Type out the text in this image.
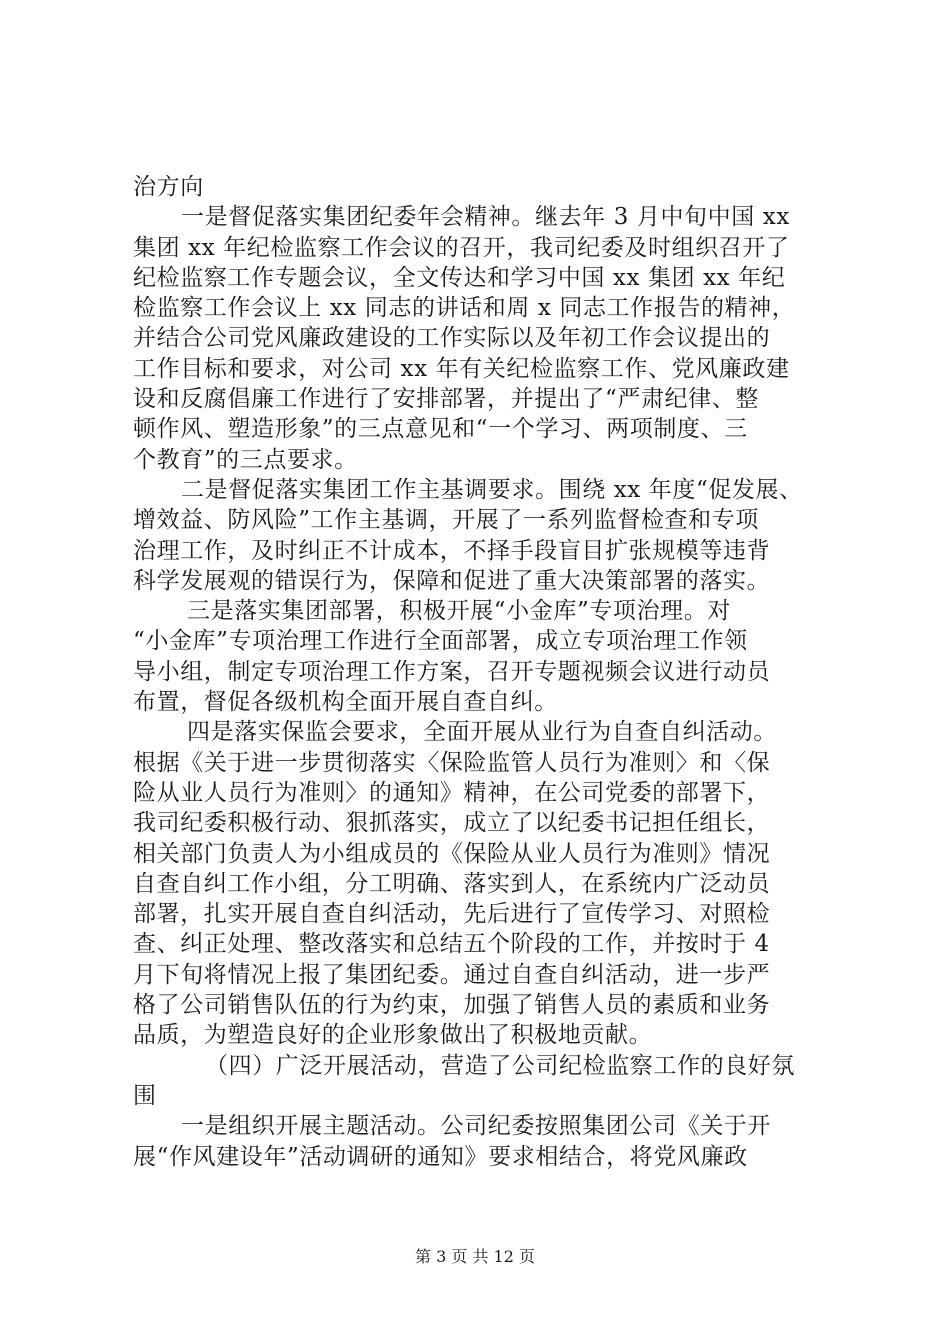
治方向
一是督促落实集团纪委年会精神。继去年 3 月中旬中国 xx
集团 xx 年纪检监察工作会议的召开，我司纪委及时组织召开了
纪检监察工作专题会议，全文传达和学习中国 xx 集团 xx 年纪
检监察工作会议上 xx 同志的讲话和周 x 同志工作报告的精神，
并结合公司党风廉政建设的工作实际以及年初工作会议提出的
工作目标和要求，对公司 xx 年有关纪检监察工作、党风廉政建
设和反腐倡廉工作进行了安排部署，并提出了“严肃纪律、整
顿作风、塑造形象”的三点意见和“一个学习、两项制度、三
个教育”的三点要求。
二是督促落实集团工作主基调要求。围绕 xx 年度“促发展、
增效益、防风险”工作主基调，开展了一系列监督检查和专项
治理工作，及时纠正不计成本，不择手段盲目扩张规模等违背
科学发展观的错误行为，保障和促进了重大决策部署的落实。
三是落实集团部署，积极开展“小金库”专项治理。对
“小金库”专项治理工作进行全面部署，成立专项治理工作领
导小组，制定专项治理工作方案，召开专题视频会议进行动员
布置，督促各级机构全面开展自查自纠。
四是落实保监会要求，全面开展从业行为自查自纠活动。
根据《关于进一步贯彻落实〈保险监管人员行为准则〉和〈保
险从业人员行为准则〉的通知》精神，在公司党委的部署下，
我司纪委积极行动、狠抓落实，成立了以纪委书记担任组长，
相关部门负责人为小组成员的《保险从业人员行为准则》情况
自查自纠工作小组，分工明确、落实到人，在系统内广泛动员
部署，扎实开展自查自纠活动，先后进行了宣传学习、对照检
查、纠正处理、整改落实和总结五个阶段的工作，并按时于 4
月下旬将情况上报了集团纪委。通过自查自纠活动，进一步严
格了公司销售队伍的行为约束，加强了销售人员的素质和业务
品质，为塑造良好的企业形象做出了积极地贡献。
（四）广泛开展活动，营造了公司纪检监察工作的良好氛
围
一是组织开展主题活动。公司纪委按照集团公司《关于开
展“作风建设年”活动调研的通知》要求相结合，将党风廉政
第 3 页 共 12 页
